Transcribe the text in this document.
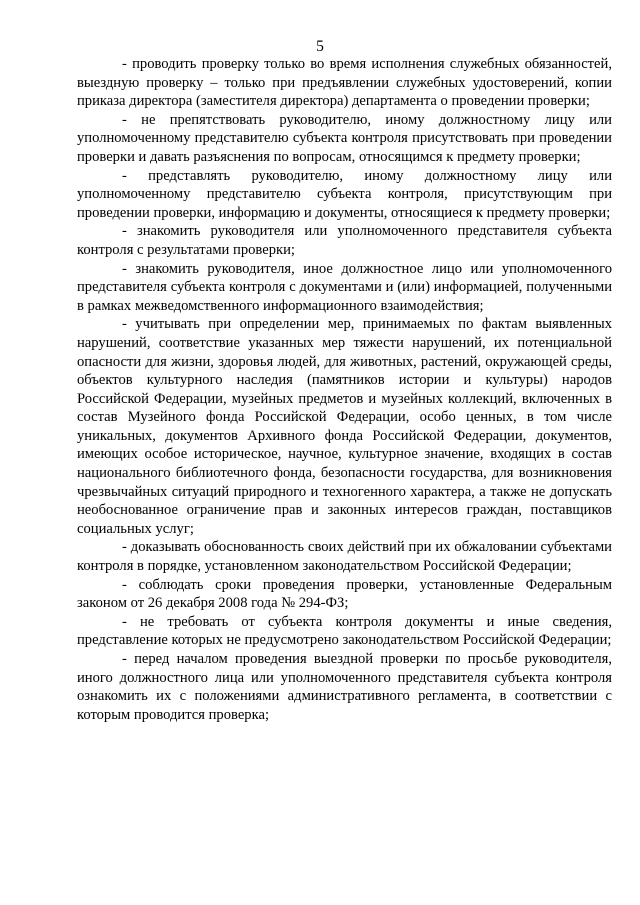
5

- проводить проверку только во время исполнения служебных обязанностей, выездную проверку – только при предъявлении служебных удостоверений, копии приказа директора (заместителя директора) департамента о проведении проверки;

- не препятствовать руководителю, иному должностному лицу или уполномоченному представителю субъекта контроля присутствовать при проведении проверки и давать разъяснения по вопросам, относящимся к предмету проверки;

- представлять руководителю, иному должностному лицу или уполномоченному представителю субъекта контроля, присутствующим при проведении проверки, информацию и документы, относящиеся к предмету проверки;

- знакомить руководителя или уполномоченного представителя субъекта контроля с результатами проверки;

- знакомить руководителя, иное должностное лицо или уполномоченного представителя субъекта контроля с документами и (или) информацией, полученными в рамках межведомственного информационного взаимодействия;

- учитывать при определении мер, принимаемых по фактам выявленных нарушений, соответствие указанных мер тяжести нарушений, их потенциальной опасности для жизни, здоровья людей, для животных, растений, окружающей среды, объектов культурного наследия (памятников истории и культуры) народов Российской Федерации, музейных предметов и музейных коллекций, включенных в состав Музейного фонда Российской Федерации, особо ценных, в том числе уникальных, документов Архивного фонда Российской Федерации, документов, имеющих особое историческое, научное, культурное значение, входящих в состав национального библиотечного фонда, безопасности государства, для возникновения чрезвычайных ситуаций природного и техногенного характера, а также не допускать необоснованное ограничение прав и законных интересов граждан, поставщиков социальных услуг;

- доказывать обоснованность своих действий при их обжаловании субъектами контроля в порядке, установленном законодательством Российской Федерации;

- соблюдать сроки проведения проверки, установленные Федеральным законом от 26 декабря 2008 года № 294-ФЗ;

- не требовать от субъекта контроля документы и иные сведения, представление которых не предусмотрено законодательством Российской Федерации;

- перед началом проведения выездной проверки по просьбе руководителя, иного должностного лица или уполномоченного представителя субъекта контроля ознакомить их с положениями административного регламента, в соответствии с которым проводится проверка;
